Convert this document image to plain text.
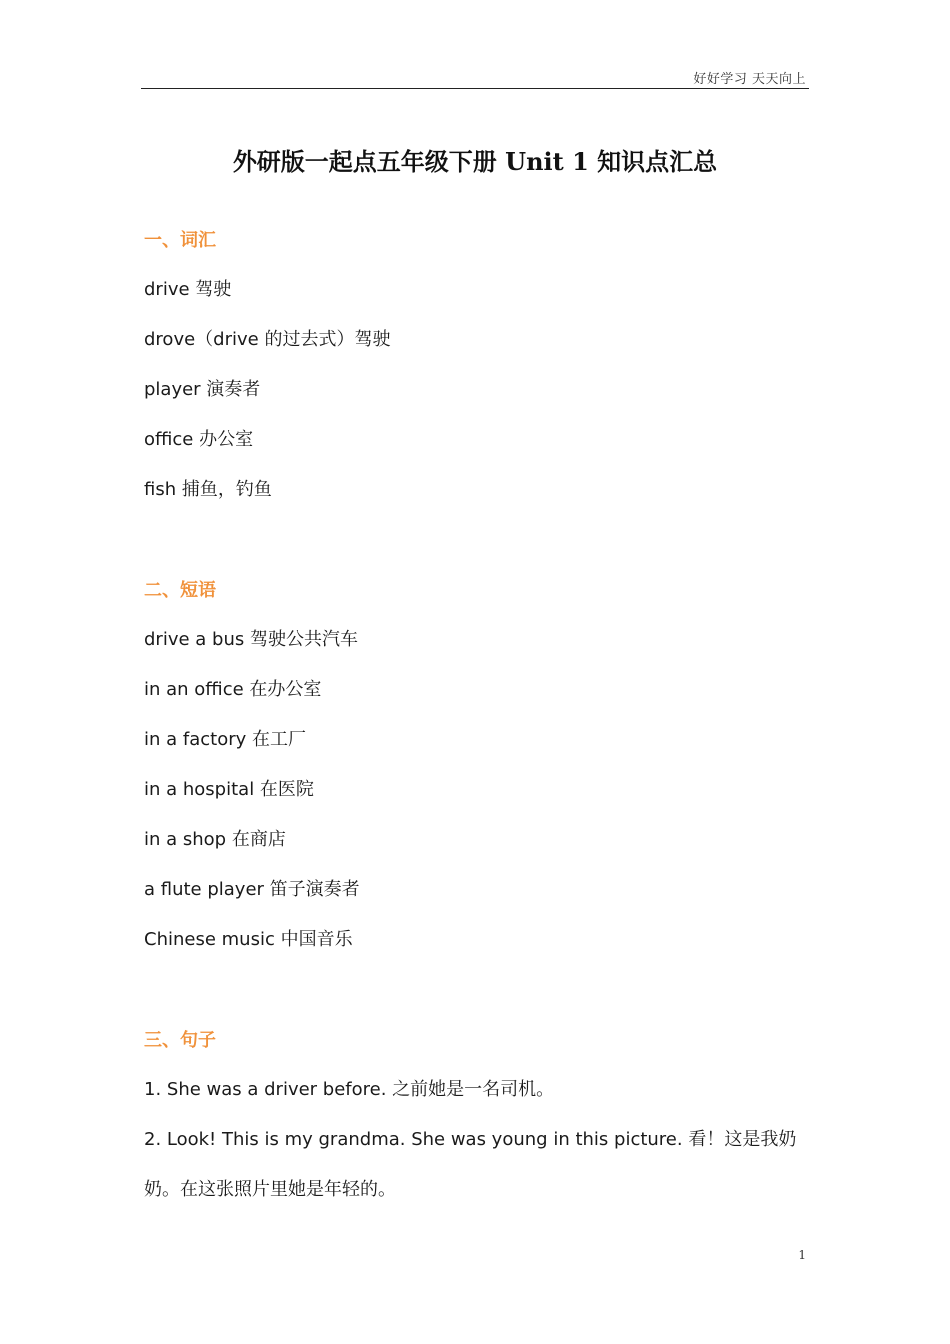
好好学习 天天向上
外研版一起点五年级下册 Unit 1 知识点汇总
一、词汇
drive 驾驶
drove（drive 的过去式）驾驶
player 演奏者
office 办公室
fish 捕鱼，钓鱼
二、短语
drive a bus 驾驶公共汽车
in an office 在办公室
in a factory 在工厂
in a hospital 在医院
in a shop 在商店
a flute player 笛子演奏者
Chinese music 中国音乐
三、句子
1. She was a driver before. 之前她是一名司机。
2. Look! This is my grandma. She was young in this picture. 看！这是我奶奶。在这张照片里她是年轻的。
1
